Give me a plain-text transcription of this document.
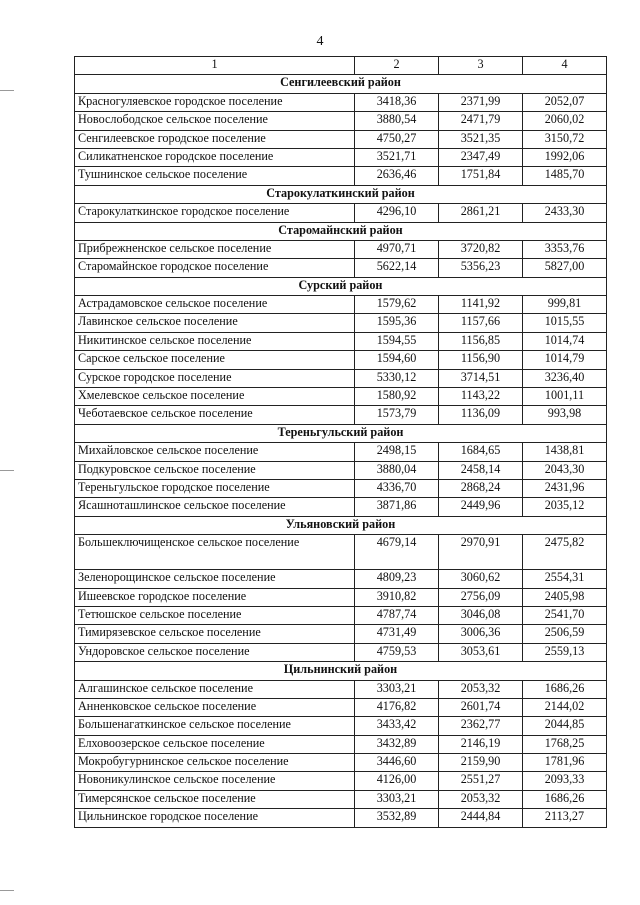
4
1	2	3	4
Сенгилеевский район			
Красногуляевское городское поселение	3418,36	2371,99	2052,07
Новослободское сельское поселение	3880,54	2471,79	2060,02
Сенгилеевское городское поселение	4750,27	3521,35	3150,72
Силикатненское городское поселение	3521,71	2347,49	1992,06
Тушнинское сельское поселение	2636,46	1751,84	1485,70
Старокулаткинский район			
Старокулаткинское городское поселение	4296,10	2861,21	2433,30
Старомайнский район			
Прибрежненское сельское поселение	4970,71	3720,82	3353,76
Старомайнское городское поселение	5622,14	5356,23	5827,00
Сурский район			
Астрадамовское сельское поселение	1579,62	1141,92	999,81
Лавинское сельское поселение	1595,36	1157,66	1015,55
Никитинское сельское поселение	1594,55	1156,85	1014,74
Сарское сельское поселение	1594,60	1156,90	1014,79
Сурское городское поселение	5330,12	3714,51	3236,40
Хмелевское сельское поселение	1580,92	1143,22	1001,11
Чеботаевское сельское поселение	1573,79	1136,09	993,98
Тереньгульский район			
Михайловское сельское поселение	2498,15	1684,65	1438,81
Подкуровское сельское поселение	3880,04	2458,14	2043,30
Тереньгульское городское поселение	4336,70	2868,24	2431,96
Ясашноташлинское сельское поселение	3871,86	2449,96	2035,12
Ульяновский район			
Большеключищенское сельское поселение	4679,14	2970,91	2475,82
Зеленорощинское сельское поселение	4809,23	3060,62	2554,31
Ишеевское городское поселение	3910,82	2756,09	2405,98
Тетюшское сельское поселение	4787,74	3046,08	2541,70
Тимирязевское сельское поселение	4731,49	3006,36	2506,59
Ундоровское сельское поселение	4759,53	3053,61	2559,13
Цильнинский район			
Алгашинское сельское поселение	3303,21	2053,32	1686,26
Анненковское сельское поселение	4176,82	2601,74	2144,02
Большенагаткинское сельское поселение	3433,42	2362,77	2044,85
Елховоозерское сельское поселение	3432,89	2146,19	1768,25
Мокробугурнинское сельское поселение	3446,60	2159,90	1781,96
Новоникулинское сельское поселение	4126,00	2551,27	2093,33
Тимерсянское сельское поселение	3303,21	2053,32	1686,26
Цильнинское городское поселение	3532,89	2444,84	2113,27
